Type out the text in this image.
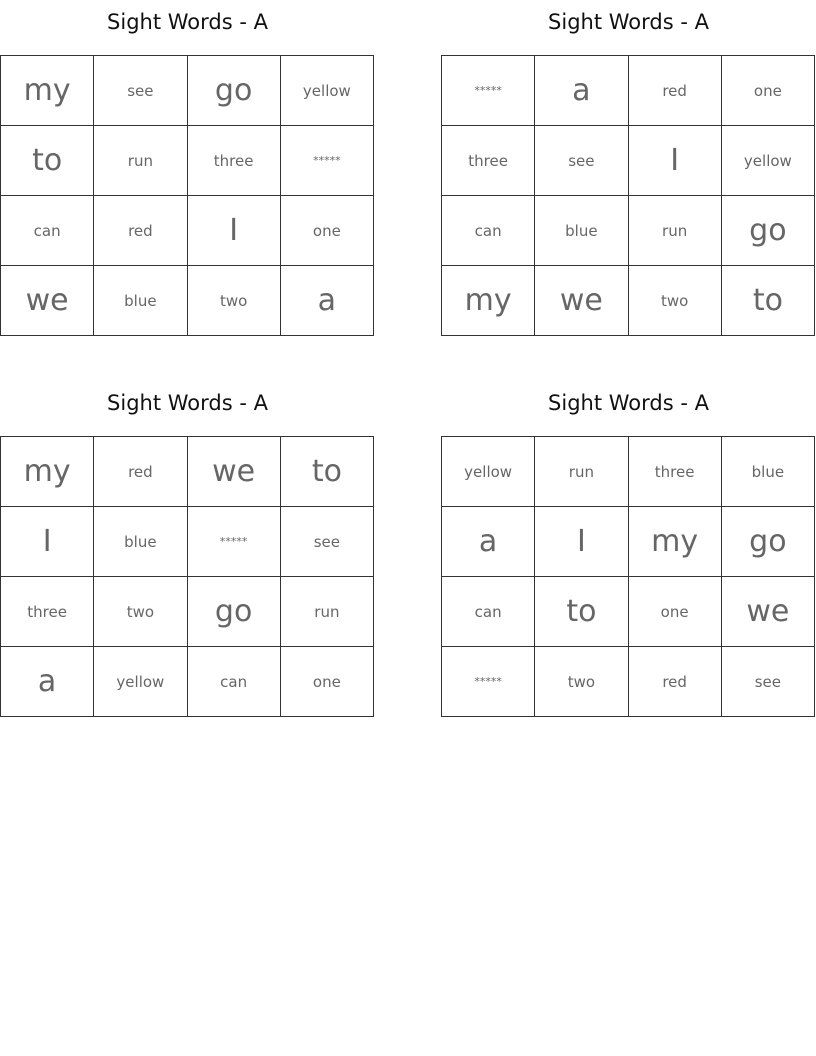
Sight Words - A
my	see	go	yellow
to	run	three	*****
can	red	I	one
we	blue	two	a
Sight Words - A
*****	a	red	one
three	see	I	yellow
can	blue	run	go
my	we	two	to
Sight Words - A
my	red	we	to
I	blue	*****	see
three	two	go	run
a	yellow	can	one
Sight Words - A
yellow	run	three	blue
a	I	my	go
can	to	one	we
*****	two	red	see
